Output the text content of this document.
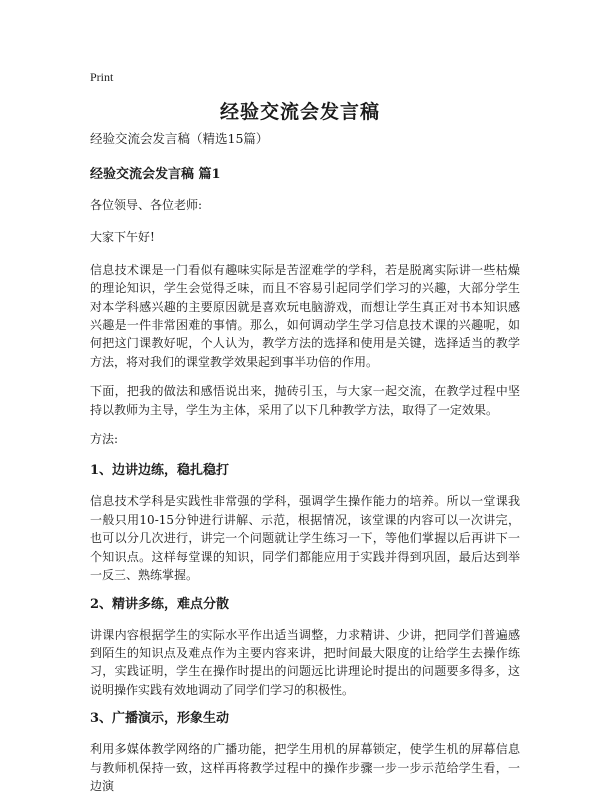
Print
经验交流会发言稿

经验交流会发言稿（精选15篇）

经验交流会发言稿 篇1

各位领导、各位老师:

大家下午好!

信息技术课是一门看似有趣味实际是苦涩难学的学科，若是脱离实际讲一些枯燥的理论知识，学生会觉得乏味，而且不容易引起同学们学习的兴趣，大部分学生对本学科感兴趣的主要原因就是喜欢玩电脑游戏，而想让学生真正对书本知识感兴趣是一件非常困难的事情。那么，如何调动学生学习信息技术课的兴趣呢，如何把这门课教好呢，个人认为，教学方法的选择和使用是关键，选择适当的教学方法，将对我们的课堂教学效果起到事半功倍的作用。

下面，把我的做法和感悟说出来，抛砖引玉，与大家一起交流，在教学过程中坚持以教师为主导，学生为主体，采用了以下几种教学方法，取得了一定效果。

方法:

1、边讲边练，稳扎稳打

信息技术学科是实践性非常强的学科，强调学生操作能力的培养。所以一堂课我一般只用10-15分钟进行讲解、示范，根据情况，该堂课的内容可以一次讲完，也可以分几次进行，讲完一个问题就让学生练习一下，等他们掌握以后再讲下一个知识点。这样每堂课的知识，同学们都能应用于实践并得到巩固，最后达到举一反三、熟练掌握。

2、精讲多练，难点分散

讲课内容根据学生的实际水平作出适当调整，力求精讲、少讲，把同学们普遍感到陌生的知识点及难点作为主要内容来讲，把时间最大限度的让给学生去操作练习，实践证明，学生在操作时提出的问题远比讲理论时提出的问题要多得多，这说明操作实践有效地调动了同学们学习的积极性。

3、广播演示，形象生动

利用多媒体教学网络的广播功能，把学生用机的屏幕锁定，使学生机的屏幕信息与教师机保持一致，这样再将教学过程中的操作步骤一步一步示范给学生看，一边演
